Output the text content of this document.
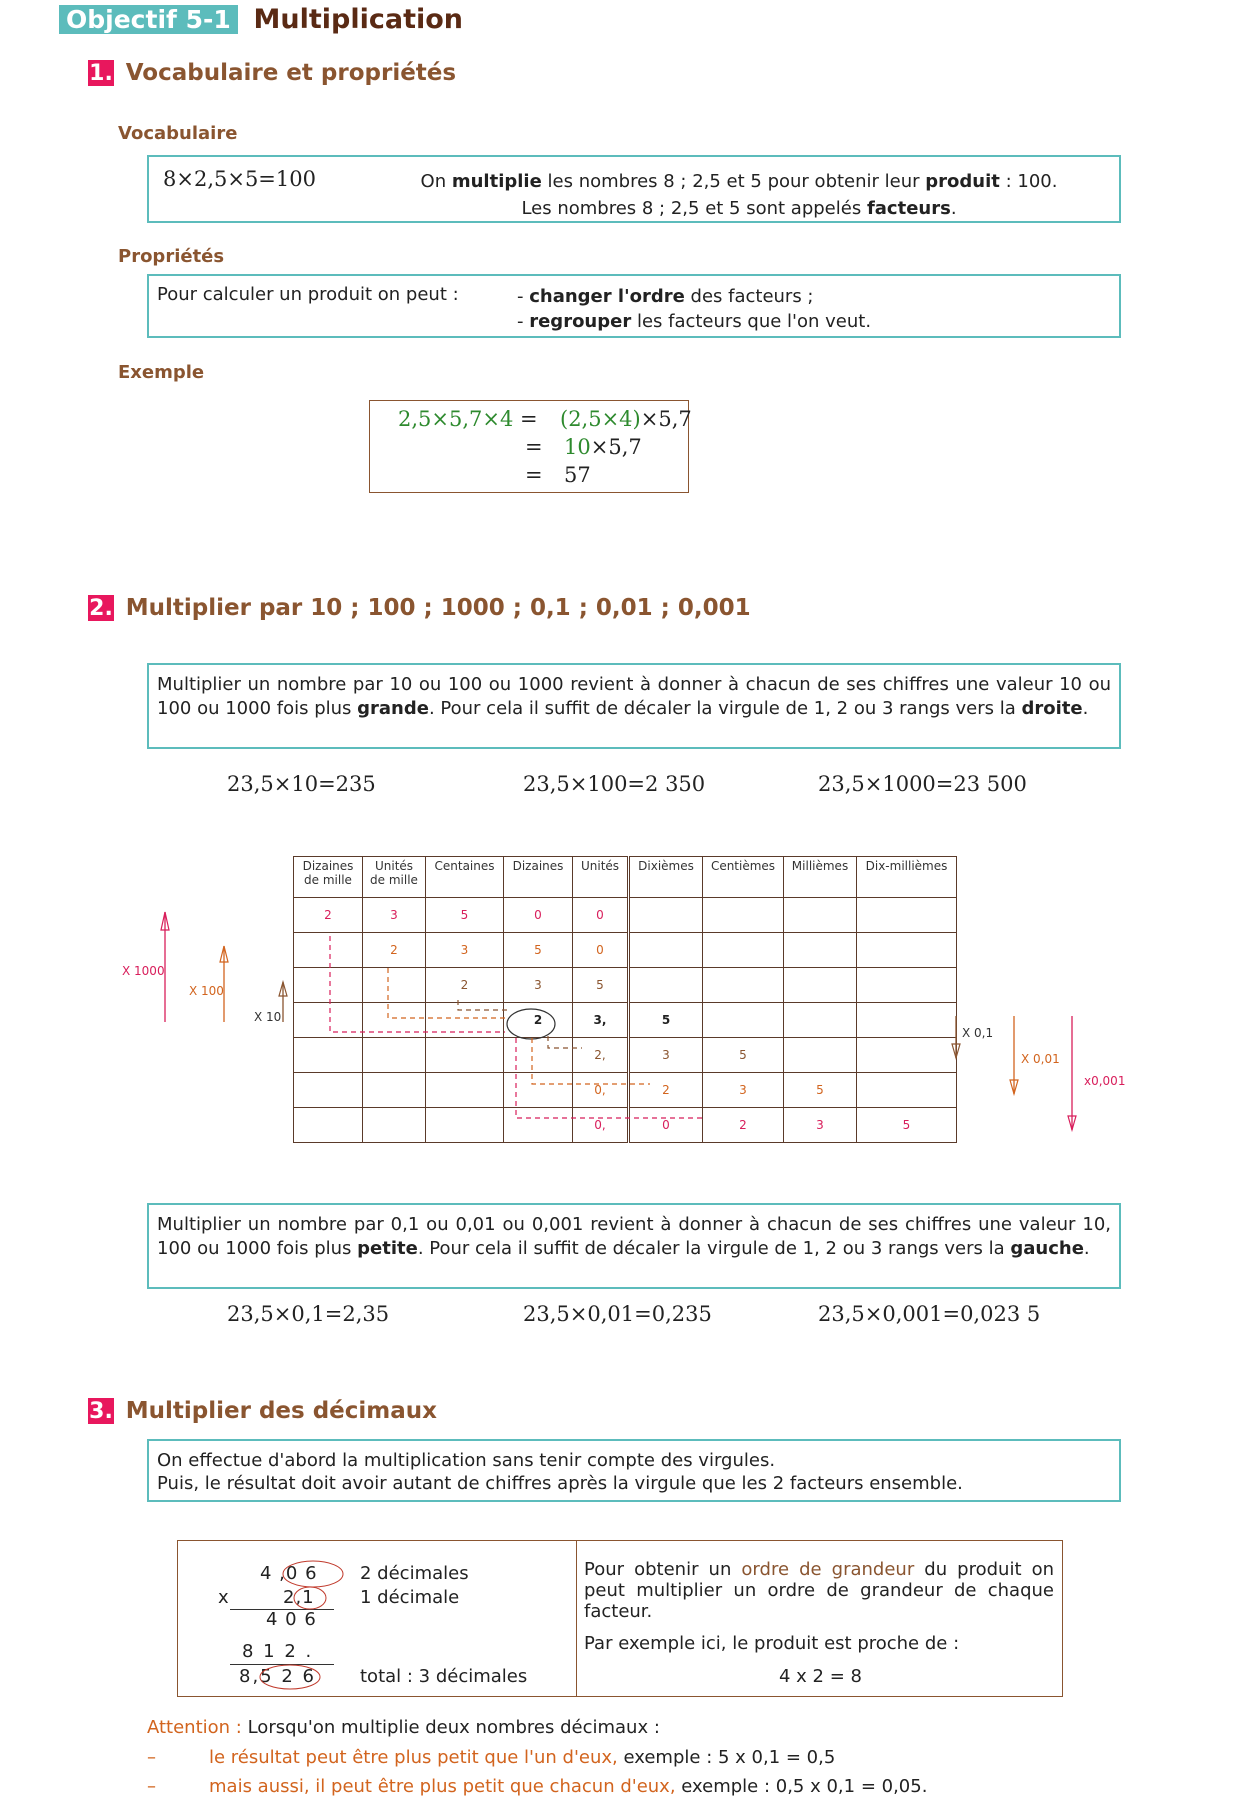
Objectif 5-1 Multiplication
1. Vocabulaire et propriétés
Vocabulaire
8×2,5×5=100	On multiplie les nombres 8 ; 2,5 et 5 pour obtenir leur produit : 100.

Les nombres 8 ; 2,5 et 5 sont appelés facteurs.

Propriétés
Pour calculer un produit on peut :	- changer l'ordre des facteurs ;

- regrouper les facteurs que l'on veut.

Exemple
2,5×5,7×4 = (2,5×4)×5,7
= 10×5,7
= 57
2. Multiplier par 10 ; 100 ; 1000 ; 0,1 ; 0,01 ; 0,001
Multiplier un nombre par 10 ou 100 ou 1000 revient à donner à chacun de ses chiffres une valeur 10 ou 100 ou 1000 fois plus grande. Pour cela il suffit de décaler la virgule de 1, 2 ou 3 rangs vers la droite.
23,5×10=235	23,5×100=2 350	23,5×1000=23 500
Dizaines de mille	Unités de mille	Centaines	Dizaines	Unités	Dixièmes	Centièmes	Millièmes	Dix-millièmes
2	3	5	0	0				
	2	3	5	0				
		2	3	5				
			2	3,	5			
				2,	3	5		
				0,	2	3	5	
				0,	0	2	3	5
X 1000
X 100
X 10
X 0,1
X 0,01
x0,001
Multiplier un nombre par 0,1 ou 0,01 ou 0,001 revient à donner à chacun de ses chiffres une valeur 10, 100 ou 1000 fois plus petite. Pour cela il suffit de décaler la virgule de 1, 2 ou 3 rangs vers la gauche.
23,5×0,1=2,35	23,5×0,01=0,235	23,5×0,001=0,023 5
3. Multiplier des décimaux

On effectue d'abord la multiplication sans tenir compte des virgules.

Puis, le résultat doit avoir autant de chiffres après la virgule que les 2 facteurs ensemble.

4 ,0 6
x	2,1
4 0 6
8 1 2 .
8,5 2 6
2 décimales
1 décimale
total : 3 décimales
Pour obtenir un ordre de grandeur du produit on peut multiplier un ordre de grandeur de chaque facteur.
Par exemple ici, le produit est proche de :
4 x 2 = 8
Attention : Lorsqu'on multiplie deux nombres décimaux :
–	le résultat peut être plus petit que l'un d'eux, exemple : 5 x 0,1 = 0,5
–	mais aussi, il peut être plus petit que chacun d'eux, exemple : 0,5 x 0,1 = 0,05.
